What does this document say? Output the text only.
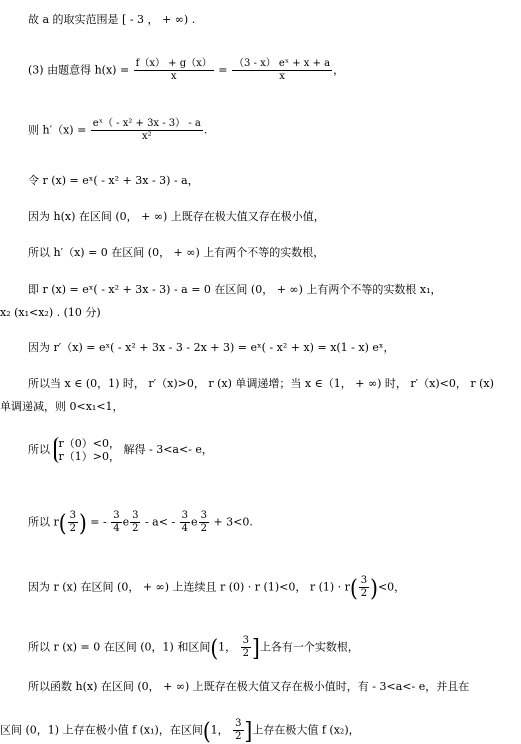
故 a 的取实范围是 [ - 3 ， + ∞) .
(3) 由题意得 $h(x) = \frac{f(x) + g(x)}{x} = \frac{\text{（3 - x） eˣ + x + a}}{x}$ ，
则 $h'(x) = \frac{\text{eˣ（ - x² + 3x - 3） - a}}{\text{x²}}$ .
令 r (x) = eˣ( - x² + 3x - 3) - a，
因为 h(x) 在区间 (0， + ∞) 上既存在极大值又存在极小值，
所以 h′（x) = 0 在区间 (0， + ∞) 上有两个不等的实数根，
即 r (x) = eˣ( - x² + 3x - 3) - a = 0 在区间 (0， + ∞) 上有两个不等的实数根 x₁，
x₂ (x₁<x₂) . (10 分)
因为 r′（x) = eˣ( - x² + 3x - 3 - 2x + 3) = eˣ( - x² + x) = x(1 - x) eˣ，
所以当 x ∈ (0，1) 时， r′（x)>0， r (x) 单调递增；当 x ∈（1， + ∞) 时， r′（x)<0， r (x)
单调递减，则 0<x₁<1，
所以 r（0）<0，
r（1）>0，
解得 - 3<a<- e，
所以 $r( \frac{3}{2}$ ) = - $\frac{3}{4}$ e $\frac{3}{2} - a< - \frac{3}{4}$ e $\frac{3}{2} + 3<0$.
因为 r (x) 在区间 (0， + ∞) 上连续且 r (0) · r (1)<0， r $(1) \cdot r( \frac{3}{2} )<0$，
所以 r (x) = 0 在区间 (0，1) 和区间(1， $\frac{3}{2}$ ]上各有一个实数根，
所以函数 h(x) 在区间 (0， + ∞) 上既存在极大值又存在极小值时，有 - 3<a<- e，并且在
区间 (0，1) 上存在极小值 f (x₁)，在区间(1， $\frac{3}{2}$ ]上存在极大值 f (x₂)，
